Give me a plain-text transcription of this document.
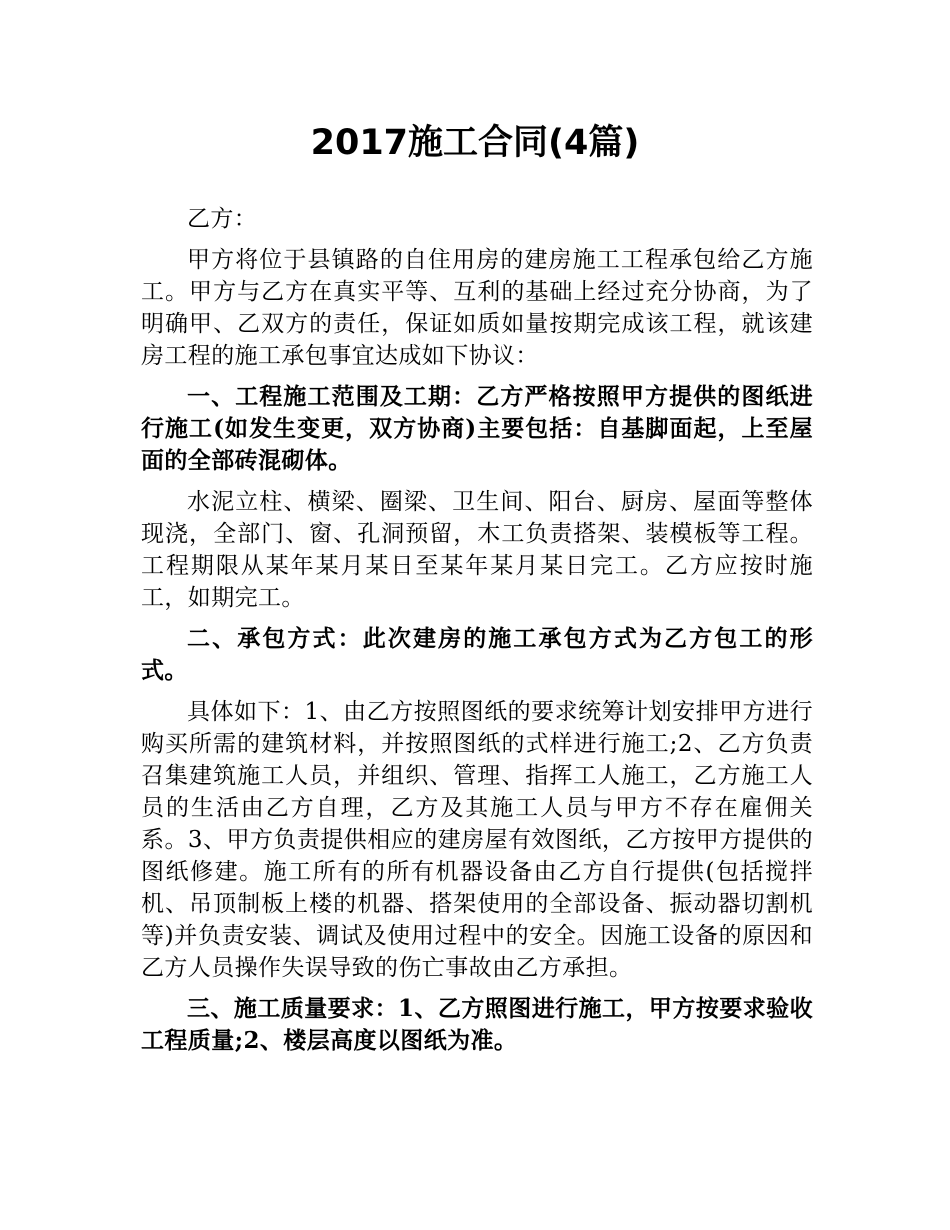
2017施工合同(4篇)

乙方：

甲方将位于县镇路的自住用房的建房施工工程承包给乙方施工。甲方与乙方在真实平等、互利的基础上经过充分协商，为了明确甲、乙双方的责任，保证如质如量按期完成该工程，就该建房工程的施工承包事宜达成如下协议：

一、工程施工范围及工期：乙方严格按照甲方提供的图纸进行施工(如发生变更，双方协商)主要包括：自基脚面起，上至屋面的全部砖混砌体。

水泥立柱、横梁、圈梁、卫生间、阳台、厨房、屋面等整体现浇，全部门、窗、孔洞预留，木工负责搭架、装模板等工程。工程期限从某年某月某日至某年某月某日完工。乙方应按时施工，如期完工。

二、承包方式：此次建房的施工承包方式为乙方包工的形式。

具体如下：1、由乙方按照图纸的要求统筹计划安排甲方进行购买所需的建筑材料，并按照图纸的式样进行施工;2、乙方负责召集建筑施工人员，并组织、管理、指挥工人施工，乙方施工人员的生活由乙方自理，乙方及其施工人员与甲方不存在雇佣关系。3、甲方负责提供相应的建房屋有效图纸，乙方按甲方提供的图纸修建。施工所有的所有机器设备由乙方自行提供(包括搅拌机、吊顶制板上楼的机器、搭架使用的全部设备、振动器切割机等)并负责安装、调试及使用过程中的安全。因施工设备的原因和乙方人员操作失误导致的伤亡事故由乙方承担。

三、施工质量要求：1、乙方照图进行施工，甲方按要求验收工程质量;2、楼层高度以图纸为准。
